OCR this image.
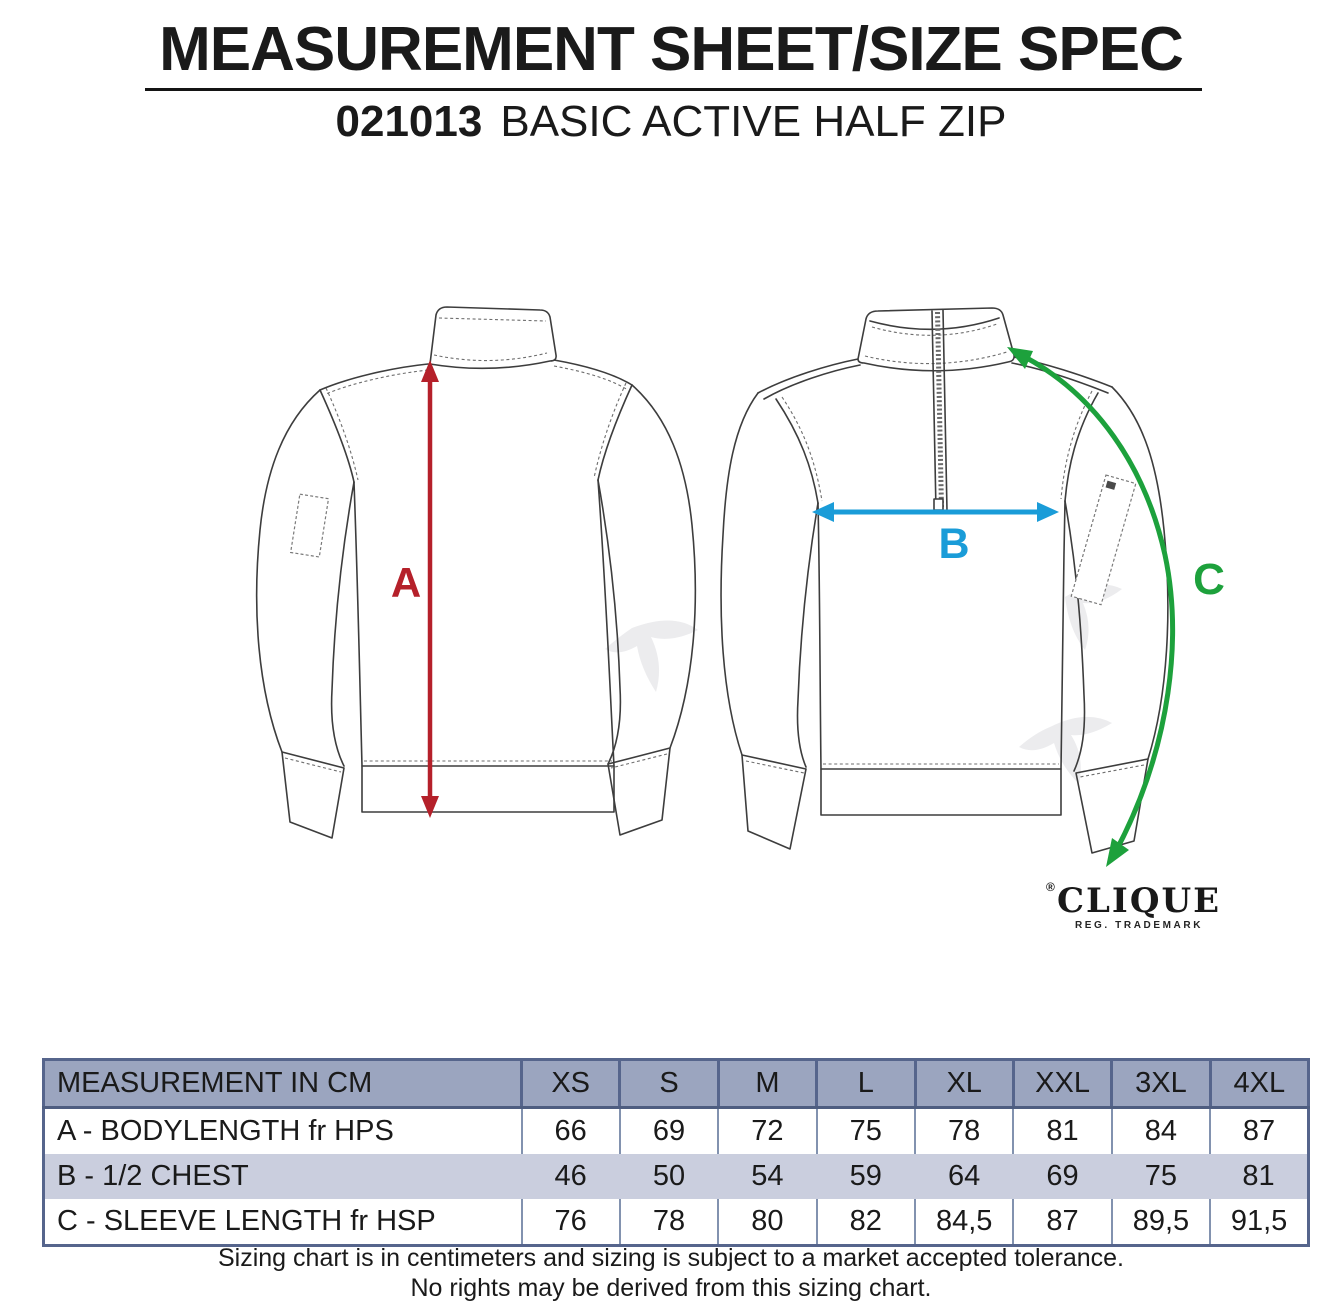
MEASUREMENT SHEET/SIZE SPEC
021013 BASIC ACTIVE HALF ZIP
A
B
C
® CLIQUE
REG. TRADEMARK
MEASUREMENT IN CM	XS	S	M	L	XL	XXL	3XL	4XL
A - BODYLENGTH fr HPS	66	69	72	75	78	81	84	87
B - 1/2 CHEST	46	50	54	59	64	69	75	81
C - SLEEVE LENGTH fr HSP	76	78	80	82	84,5	87	89,5	91,5
Sizing chart is in centimeters and sizing is subject to a market accepted tolerance.
No rights may be derived from this sizing chart.
